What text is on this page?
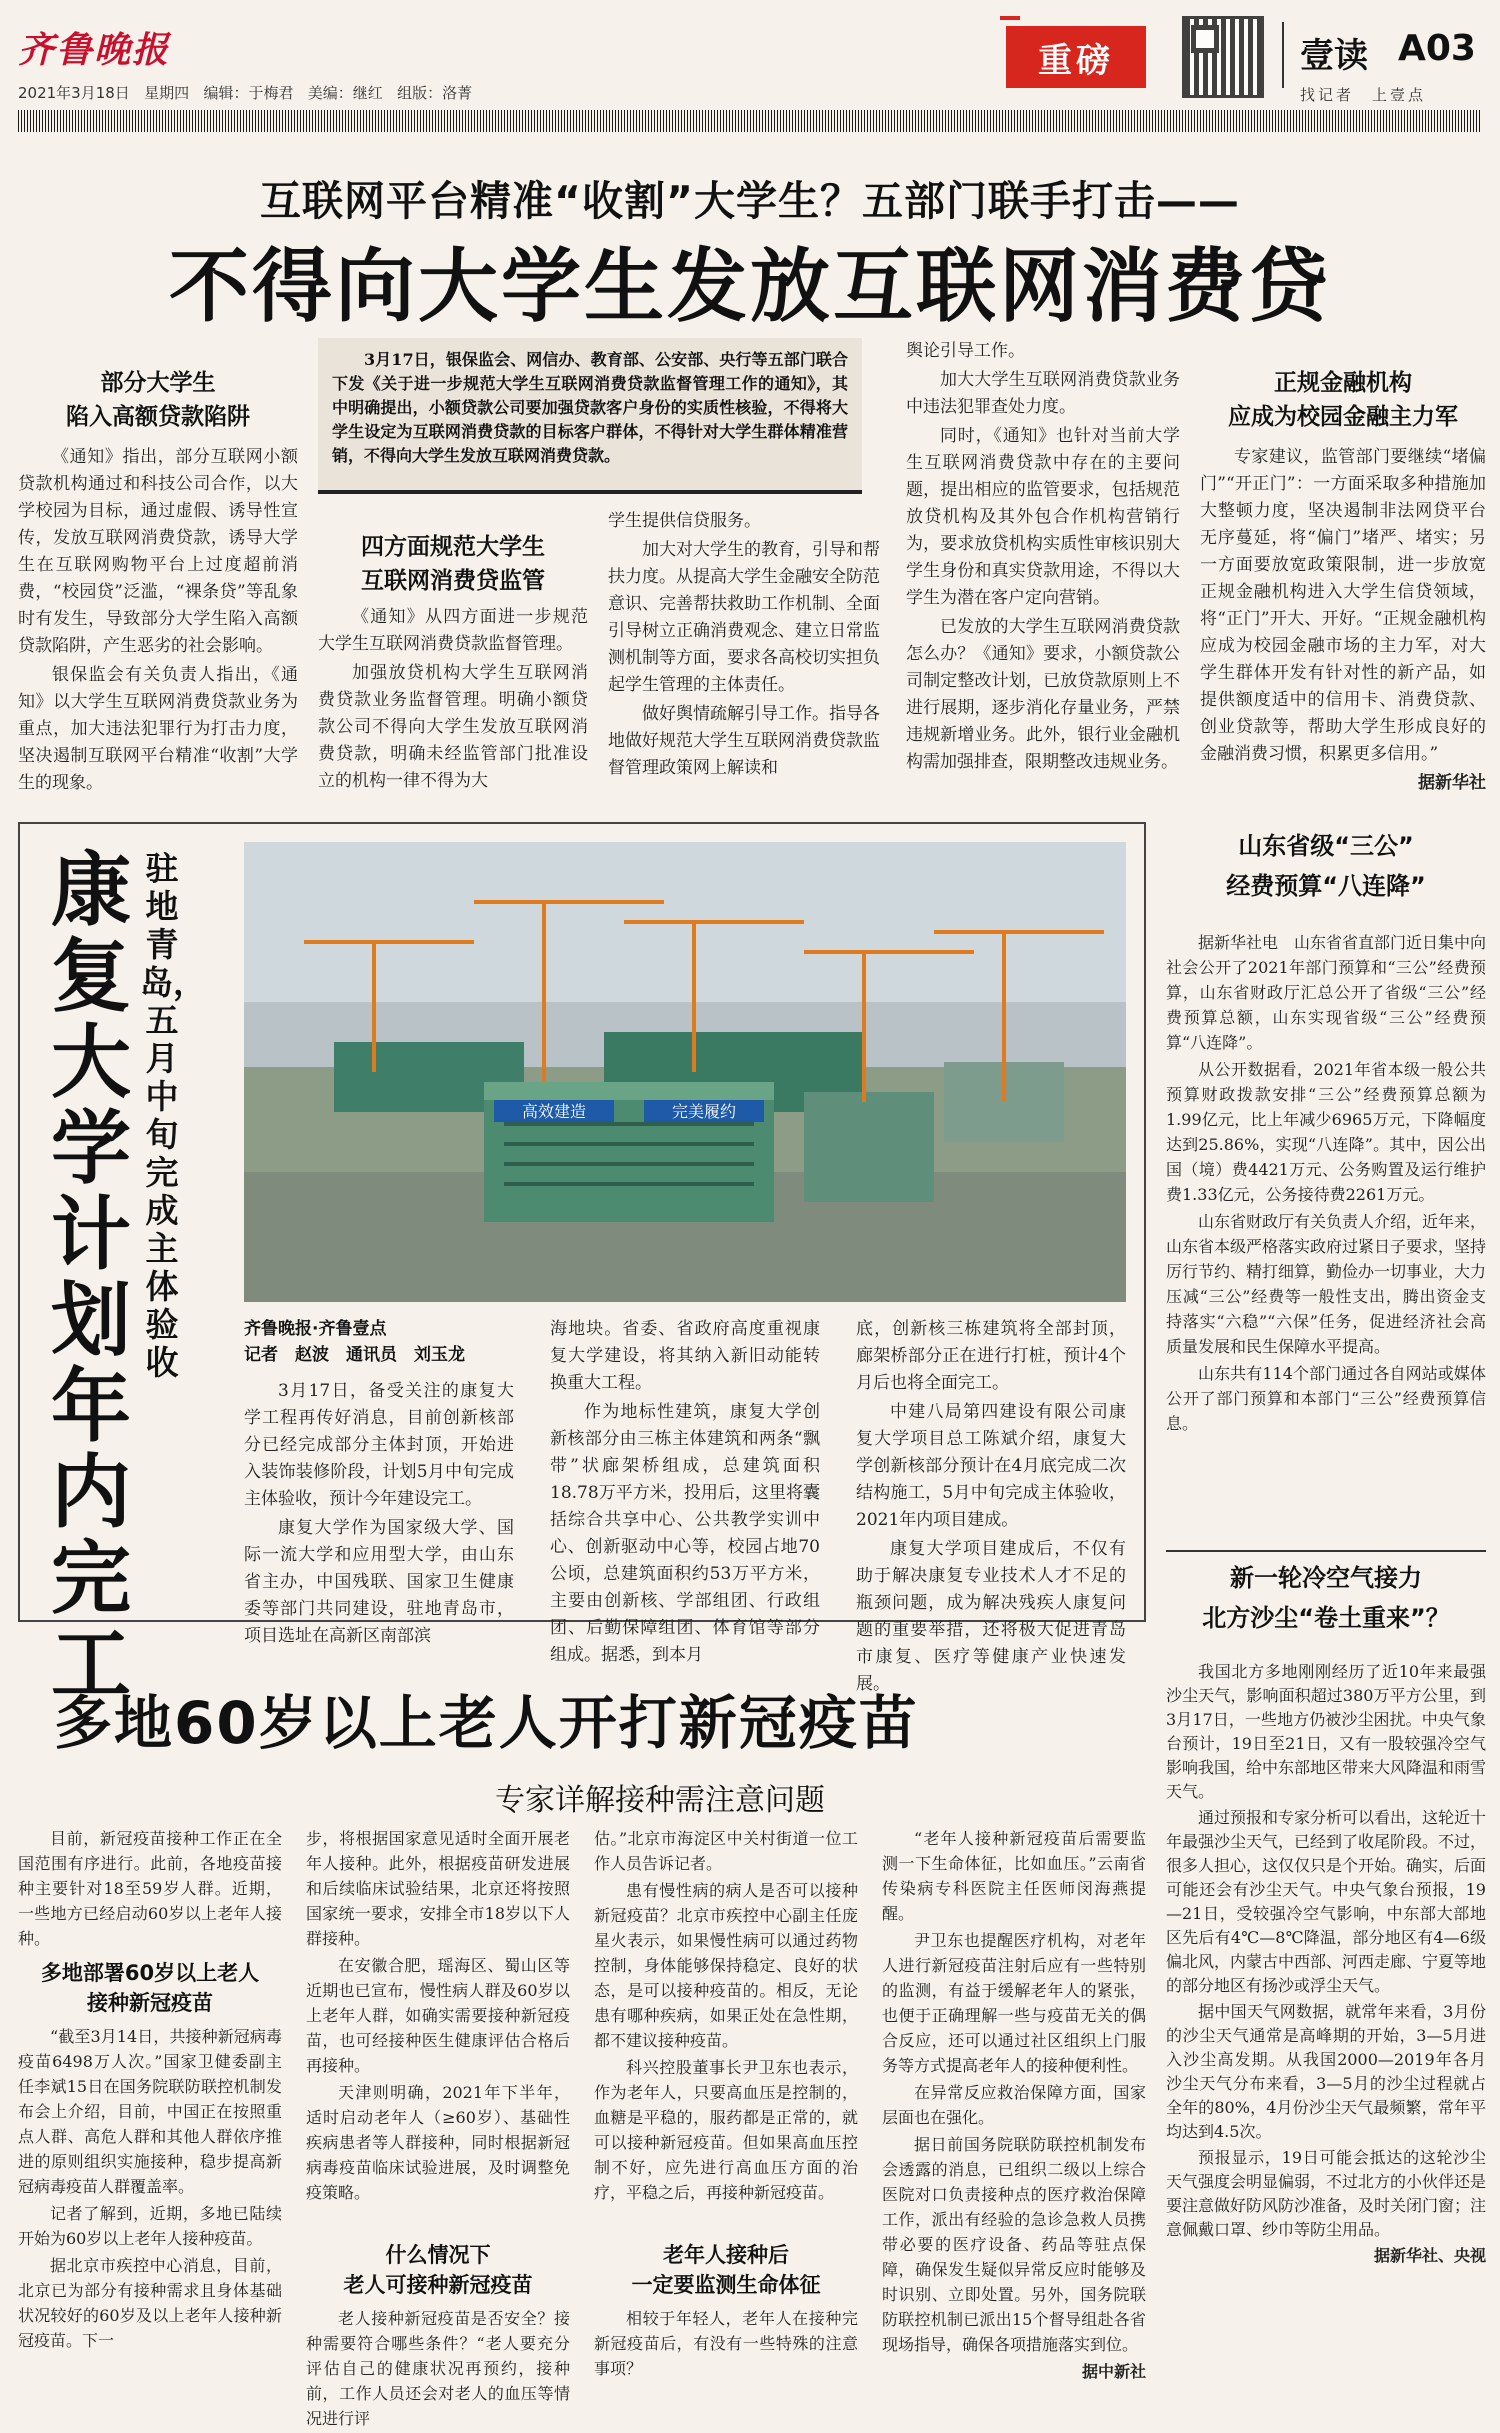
齐鲁晚报
2021年3月18日 星期四 编辑：于梅君 美编：继红 组版：洛菁
重磅	壹读 A03
找记者　上壹点
互联网平台精准“收割”大学生？五部门联手打击——
不得向大学生发放互联网消费贷
3月17日，银保监会、网信办、教育部、公安部、央行等五部门联合下发《关于进一步规范大学生互联网消费贷款监督管理工作的通知》，其中明确提出，小额贷款公司要加强贷款客户身份的实质性核验，不得将大学生设定为互联网消费贷款的目标客户群体，不得针对大学生群体精准营销，不得向大学生发放互联网消费贷款。
部分大学生
陷入高额贷款陷阱

《通知》指出，部分互联网小额贷款机构通过和科技公司合作，以大学校园为目标，通过虚假、诱导性宣传，发放互联网消费贷款，诱导大学生在互联网购物平台上过度超前消费，“校园贷”泛滥，“裸条贷”等乱象时有发生，导致部分大学生陷入高额贷款陷阱，产生恶劣的社会影响。

银保监会有关负责人指出，《通知》以大学生互联网消费贷款业务为重点，加大违法犯罪行为打击力度，坚决遏制互联网平台精准“收割”大学生的现象。

四方面规范大学生
互联网消费贷监管

《通知》从四方面进一步规范大学生互联网消费贷款监督管理。

加强放贷机构大学生互联网消费贷款业务监督管理。明确小额贷款公司不得向大学生发放互联网消费贷款，明确未经监管部门批准设立的机构一律不得为大

学生提供信贷服务。

加大对大学生的教育，引导和帮扶力度。从提高大学生金融安全防范意识、完善帮扶救助工作机制、全面引导树立正确消费观念、建立日常监测机制等方面，要求各高校切实担负起学生管理的主体责任。

做好舆情疏解引导工作。指导各地做好规范大学生互联网消费贷款监督管理政策网上解读和

舆论引导工作。

加大大学生互联网消费贷款业务中违法犯罪查处力度。

同时，《通知》也针对当前大学生互联网消费贷款中存在的主要问题，提出相应的监管要求，包括规范放贷机构及其外包合作机构营销行为，要求放贷机构实质性审核识别大学生身份和真实贷款用途，不得以大学生为潜在客户定向营销。

已发放的大学生互联网消费贷款怎么办？《通知》要求，小额贷款公司制定整改计划，已放贷款原则上不进行展期，逐步消化存量业务，严禁违规新增业务。此外，银行业金融机构需加强排查，限期整改违规业务。

正规金融机构
应成为校园金融主力军

专家建议，监管部门要继续“堵偏门”“开正门”：一方面采取多种措施加大整顿力度，坚决遏制非法网贷平台无序蔓延，将“偏门”堵严、堵实；另一方面要放宽政策限制，进一步放宽正规金融机构进入大学生信贷领域，将“正门”开大、开好。“正规金融机构应成为校园金融市场的主力军，对大学生群体开发有针对性的新产品，如提供额度适中的信用卡、消费贷款、创业贷款等，帮助大学生形成良好的金融消费习惯，积累更多信用。”

据新华社

康复大学计划年内完工
驻地青岛，五月中旬完成主体验收
高效建造	完美履约
齐鲁晚报·齐鲁壹点
记者　赵波　通讯员　刘玉龙

3月17日，备受关注的康复大学工程再传好消息，目前创新核部分已经完成部分主体封顶，开始进入装饰装修阶段，计划5月中旬完成主体验收，预计今年建设完工。

康复大学作为国家级大学、国际一流大学和应用型大学，由山东省主办，中国残联、国家卫生健康委等部门共同建设，驻地青岛市，项目选址在高新区南部滨

海地块。省委、省政府高度重视康复大学建设，将其纳入新旧动能转换重大工程。

作为地标性建筑，康复大学创新核部分由三栋主体建筑和两条“飘带”状廊架桥组成，总建筑面积18.78万平方米，投用后，这里将囊括综合共享中心、公共教学实训中心、创新驱动中心等，校园占地70公顷，总建筑面积约53万平方米，主要由创新核、学部组团、行政组团、后勤保障组团、体育馆等部分组成。据悉，到本月

底，创新核三栋建筑将全部封顶，廊架桥部分正在进行打桩，预计4个月后也将全面完工。

中建八局第四建设有限公司康复大学项目总工陈斌介绍，康复大学创新核部分预计在4月底完成二次结构施工，5月中旬完成主体验收，2021年内项目建成。

康复大学项目建成后，不仅有助于解决康复专业技术人才不足的瓶颈问题，成为解决残疾人康复问题的重要举措，还将极大促进青岛市康复、医疗等健康产业快速发展。

山东省级“三公”
经费预算“八连降”

据新华社电　山东省省直部门近日集中向社会公开了2021年部门预算和“三公”经费预算，山东省财政厅汇总公开了省级“三公”经费预算总额，山东实现省级“三公”经费预算“八连降”。

从公开数据看，2021年省本级一般公共预算财政拨款安排“三公”经费预算总额为1.99亿元，比上年减少6965万元，下降幅度达到25.86%，实现“八连降”。其中，因公出国（境）费4421万元、公务购置及运行维护费1.33亿元，公务接待费2261万元。

山东省财政厅有关负责人介绍，近年来，山东省本级严格落实政府过紧日子要求，坚持厉行节约、精打细算，勤俭办一切事业，大力压减“三公”经费等一般性支出，腾出资金支持落实“六稳”“六保”任务，促进经济社会高质量发展和民生保障水平提高。

山东共有114个部门通过各自网站或媒体公开了部门预算和本部门“三公”经费预算信息。

新一轮冷空气接力
北方沙尘“卷土重来”？

我国北方多地刚刚经历了近10年来最强沙尘天气，影响面积超过380万平方公里，到3月17日，一些地方仍被沙尘困扰。中央气象台预计，19日至21日，又有一股较强冷空气影响我国，给中东部地区带来大风降温和雨雪天气。

通过预报和专家分析可以看出，这轮近十年最强沙尘天气，已经到了收尾阶段。不过，很多人担心，这仅仅只是个开始。确实，后面可能还会有沙尘天气。中央气象台预报，19—21日，受较强冷空气影响，中东部大部地区先后有4℃—8℃降温，部分地区有4—6级偏北风，内蒙古中西部、河西走廊、宁夏等地的部分地区有扬沙或浮尘天气。

据中国天气网数据，就常年来看，3月份的沙尘天气通常是高峰期的开始，3—5月进入沙尘高发期。从我国2000—2019年各月沙尘天气分布来看，3—5月的沙尘过程就占全年的80%，4月份沙尘天气最频繁，常年平均达到4.5次。

预报显示，19日可能会抵达的这轮沙尘天气强度会明显偏弱，不过北方的小伙伴还是要注意做好防风防沙准备，及时关闭门窗；注意佩戴口罩、纱巾等防尘用品。

据新华社、央视

多地60岁以上老人开打新冠疫苗
专家详解接种需注意问题

目前，新冠疫苗接种工作正在全国范围有序进行。此前，各地疫苗接种主要针对18至59岁人群。近期，一些地方已经启动60岁以上老年人接种。

多地部署60岁以上老人
接种新冠疫苗

“截至3月14日，共接种新冠病毒疫苗6498万人次。”国家卫健委副主任李斌15日在国务院联防联控机制发布会上介绍，目前，中国正在按照重点人群、高危人群和其他人群依序推进的原则组织实施接种，稳步提高新冠病毒疫苗人群覆盖率。

记者了解到，近期，多地已陆续开始为60岁以上老年人接种疫苗。

据北京市疾控中心消息，目前，北京已为部分有接种需求且身体基础状况较好的60岁及以上老年人接种新冠疫苗。下一

步，将根据国家意见适时全面开展老年人接种。此外，根据疫苗研发进展和后续临床试验结果，北京还将按照国家统一要求，安排全市18岁以下人群接种。

在安徽合肥，瑶海区、蜀山区等近期也已宣布，慢性病人群及60岁以上老年人群，如确实需要接种新冠疫苗，也可经接种医生健康评估合格后再接种。

天津则明确，2021年下半年，适时启动老年人（≥60岁）、基础性疾病患者等人群接种，同时根据新冠病毒疫苗临床试验进展，及时调整免疫策略。

什么情况下
老人可接种新冠疫苗

老人接种新冠疫苗是否安全？接种需要符合哪些条件？“老人要充分评估自己的健康状况再预约，接种前，工作人员还会对老人的血压等情况进行评

估。”北京市海淀区中关村街道一位工作人员告诉记者。

患有慢性病的病人是否可以接种新冠疫苗？北京市疾控中心副主任庞星火表示，如果慢性病可以通过药物控制，身体能够保持稳定、良好的状态，是可以接种疫苗的。相反，无论患有哪种疾病，如果正处在急性期，都不建议接种疫苗。

科兴控股董事长尹卫东也表示，作为老年人，只要高血压是控制的，血糖是平稳的，服药都是正常的，就可以接种新冠疫苗。但如果高血压控制不好，应先进行高血压方面的治疗，平稳之后，再接种新冠疫苗。

老年人接种后
一定要监测生命体征

相较于年轻人，老年人在接种完新冠疫苗后，有没有一些特殊的注意事项？

“老年人接种新冠疫苗后需要监测一下生命体征，比如血压。”云南省传染病专科医院主任医师闵海燕提醒。

尹卫东也提醒医疗机构，对老年人进行新冠疫苗注射后应有一些特别的监测，有益于缓解老年人的紧张，也便于正确理解一些与疫苗无关的偶合反应，还可以通过社区组织上门服务等方式提高老年人的接种便利性。

在异常反应救治保障方面，国家层面也在强化。

据日前国务院联防联控机制发布会透露的消息，已组织二级以上综合医院对口负责接种点的医疗救治保障工作，派出有经验的急诊急救人员携带必要的医疗设备、药品等驻点保障，确保发生疑似异常反应时能够及时识别、立即处置。另外，国务院联防联控机制已派出15个督导组赴各省现场指导，确保各项措施落实到位。

据中新社
